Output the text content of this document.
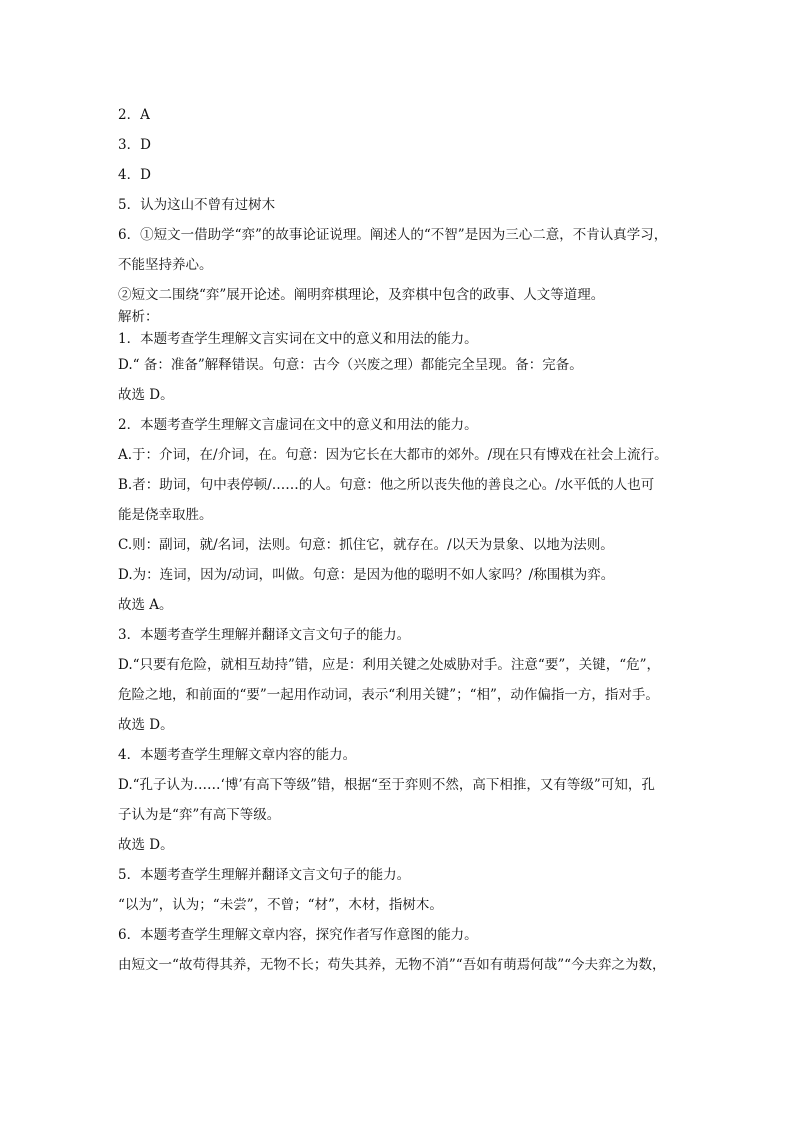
2．A

3．D

4．D

5．认为这山不曾有过树木

6．①短文一借助学“弈”的故事论证说理。阐述人的“不智”是因为三心二意，不肯认真学习，

不能坚持养心。

②短文二围绕“弈”展开论述。阐明弈棋理论，及弈棋中包含的政事、人文等道理。

解析：

1．本题考查学生理解文言实词在文中的意义和用法的能力。

D.“ 备：准备”解释错误。句意：古今（兴废之理）都能完全呈现。备：完备。

故选 D。

2．本题考查学生理解文言虚词在文中的意义和用法的能力。

A.于：介词，在/介词，在。句意：因为它长在大都市的郊外。/现在只有博戏在社会上流行。

B.者：助词，句中表停顿/……的人。句意：他之所以丧失他的善良之心。/水平低的人也可

能是侥幸取胜。

C.则：副词，就/名词，法则。句意：抓住它，就存在。/以天为景象、以地为法则。

D.为：连词，因为/动词，叫做。句意：是因为他的聪明不如人家吗？/称围棋为弈。

故选 A。

3．本题考查学生理解并翻译文言文句子的能力。

D.“只要有危险，就相互劫持”错，应是：利用关键之处威胁对手。注意“要”，关键，“危”，

危险之地，和前面的“要”一起用作动词，表示“利用关键”；“相”，动作偏指一方，指对手。

故选 D。

4．本题考查学生理解文章内容的能力。

D.“孔子认为……‘博’有高下等级”错，根据“至于弈则不然，高下相推，又有等级”可知，孔

子认为是“弈”有高下等级。

故选 D。

5．本题考查学生理解并翻译文言文句子的能力。

“以为”，认为；“未尝”，不曾；“材”，木材，指树木。

6．本题考查学生理解文章内容，探究作者写作意图的能力。

由短文一“故苟得其养，无物不长；苟失其养，无物不消”“吾如有萌焉何哉”“今夫弈之为数，
